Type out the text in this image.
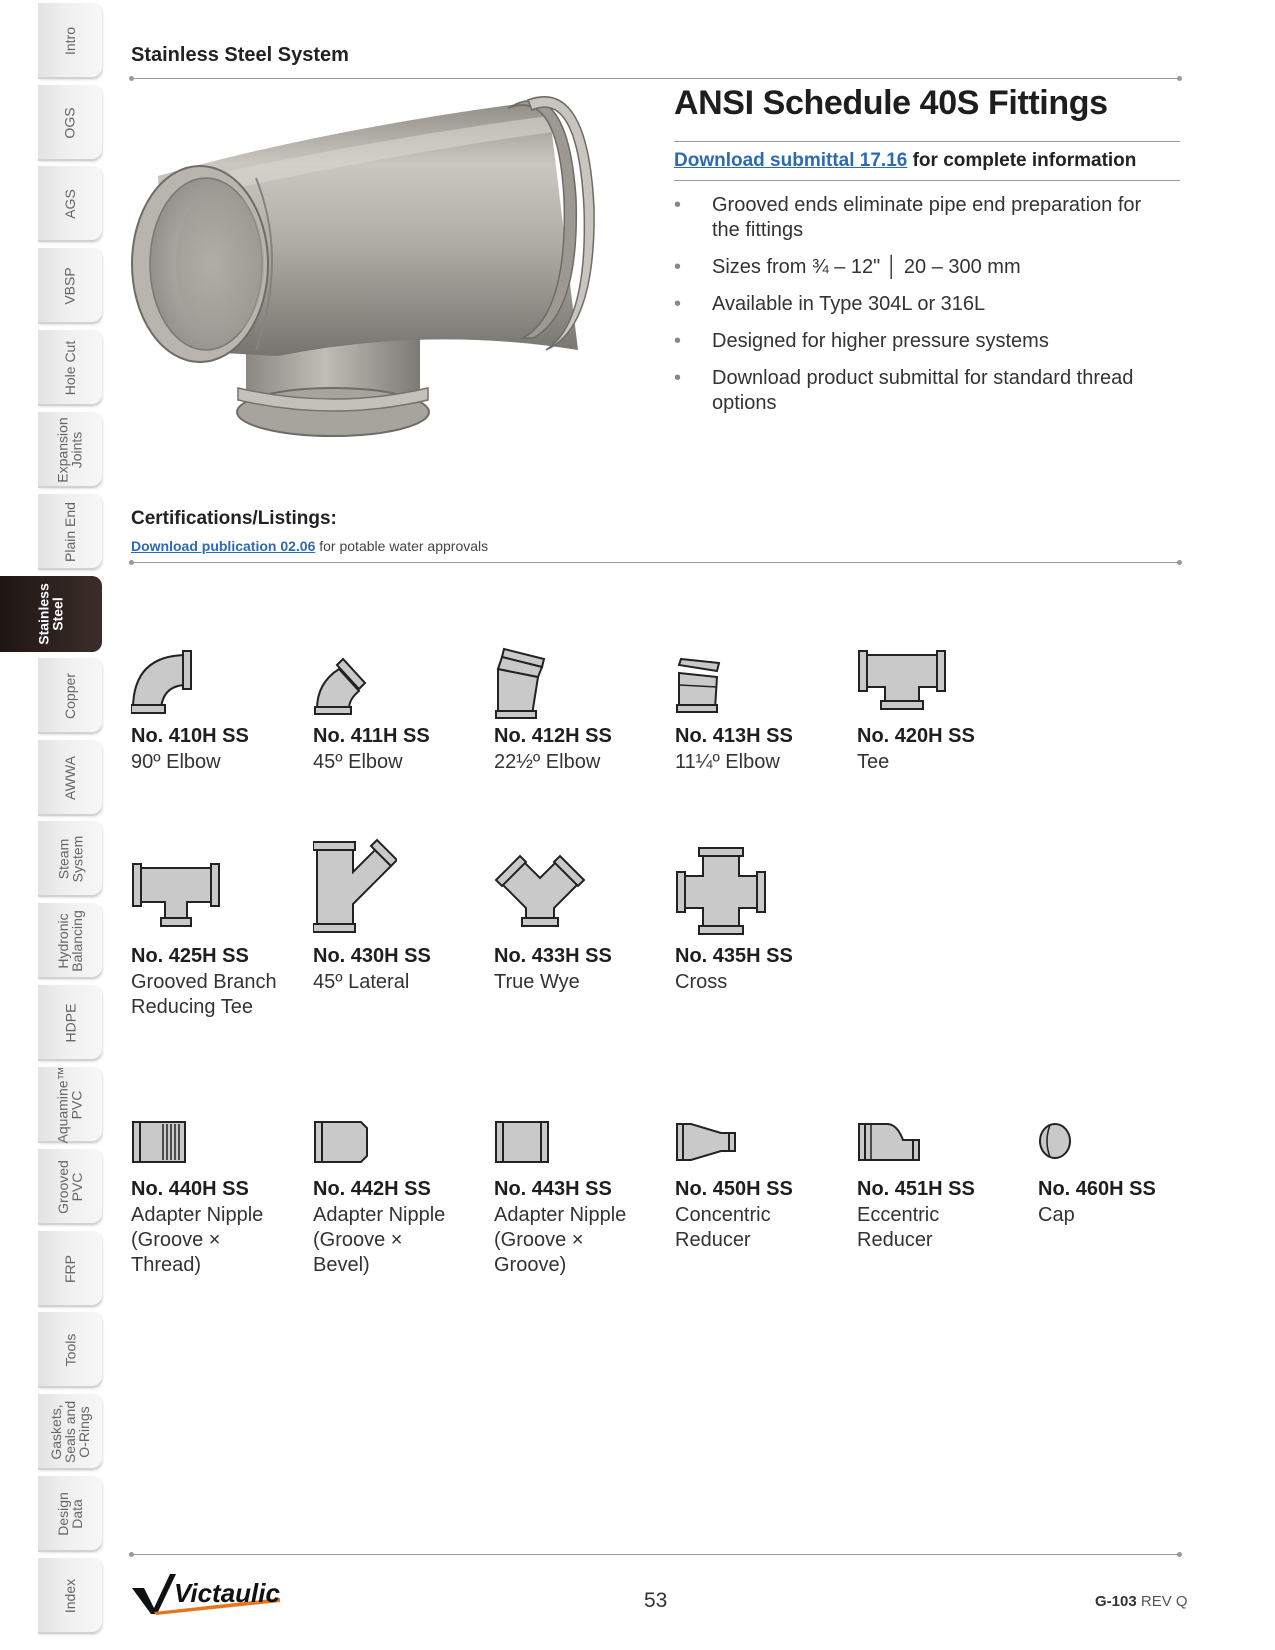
Intro
OGS
AGS
VBSP
Hole Cut
Expansion
Joints
Plain End
Stainless
Steel
Copper
AWWA
Steam
System
Hydronic
Balancing
HDPE
Aquamine™
PVC
Grooved
PVC
FRP
Tools
Gaskets,
Seals and
O-Rings
Design
Data
Index
Stainless Steel System
ANSI Schedule 40S Fittings
Download submittal 17.16 for complete information
• Grooved ends eliminate pipe end preparation for the fittings
• Sizes from ¾ – 12" │ 20 – 300 mm
• Available in Type 304L or 316L
• Designed for higher pressure systems
• Download product submittal for standard thread options
Certifications/Listings:
Download publication 02.06 for potable water approvals
No. 410H SS
90º Elbow
No. 411H SS
45º Elbow
No. 412H SS
22½º Elbow
No. 413H SS
11¼º Elbow
No. 420H SS
Tee
No. 425H SS
Grooved Branch
Reducing Tee
No. 430H SS
45º Lateral
No. 433H SS
True Wye
No. 435H SS
Cross
No. 440H SS
Adapter Nipple
(Groove ×
Thread)
No. 442H SS
Adapter Nipple
(Groove ×
Bevel)
No. 443H SS
Adapter Nipple
(Groove ×
Groove)
No. 450H SS
Concentric
Reducer
No. 451H SS
Eccentric
Reducer
No. 460H SS
Cap
Victaulic	53	G-103 REV Q
